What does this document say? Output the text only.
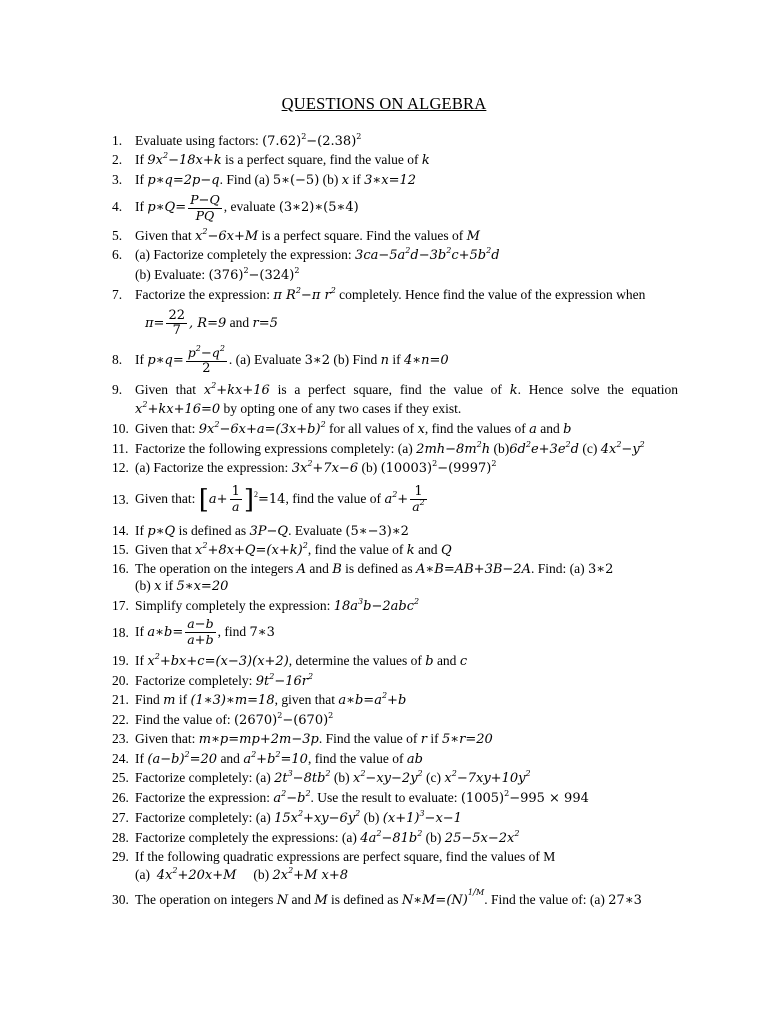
QUESTIONS ON ALGEBRA
1.
2.
3.
4.
5.
6.
7.
8.
9.
10.
11.
12.
13.
14.
15.
16.
17.
18.
19.
20.
21.
22.
23.
24.
25.
26.
27.
28.
29.
30.
Evaluate using factors: $(7.62)^2-(2.38)^2$
If $9x^2-18x+k$ is a perfect square, find the value of k
If p∗q=2p−q. Find (a) 5∗(−5) (b) x if 3∗x=12
If p∗Q= $\frac{P-Q}{PQ}$ , evaluate (3∗2)∗(5∗4)
Given that $x^2-6x+M$ is a perfect square. Find the values of M
(a) Factorize completely the expression: $3ca-5a^2d-3b^2c+5b^2d$
(b) Evaluate: $(376)^2-(324)^2$
Factorize the expression: π $R^2-\pi$ $r^2$ completely. Hence find the value of the expression when
$\pi= \frac{22}{7}$ , R=9 and r=5
If p∗q= $\frac{p^2-q^2}{2}$ . (a) Evaluate 3∗2 (b) Find n if 4∗n=0
Given that $x^2+kx+16$ is a perfect square, find the value of k. Hence solve the equation
$x^2+kx+16=0$ by opting one of any two cases if they exist.
Given that: $9x^2-6x+a=(3x+b)^2$ for all values of x, find the values of a and b
Factorize the following expressions completely: (a) $2mh-8m^2h$ $(b)6d^2e+3e^2d$ (c) $4x^2-y^2$
(a) Factorize the expression: $3x^2+7x-6$ (b) $(10003)^2-(9997)^2$
Given that: $[a+ \frac{1}{a} ]^2=14$, find the value of $a^2+ \frac{1}{a^2}$
If p∗Q is defined as 3P−Q. Evaluate (5∗−3)∗2
Given that $x^2+8x+Q=(x+k)^2$, find the value of k and Q
The operation on the integers A and B is defined as A∗B=AB+3B−2A. Find: (a) 3∗2
(b) x if 5∗x=20
Simplify completely the expression: $18a^3b-2abc^2$
If a∗b= $\frac{a-b}{a+b}$ , find 7∗3
If $x^2+bx+c=(x-3)(x+2)$, determine the values of b and c
Factorize completely: $9t^2-16r^2$
Find m if (1∗3)∗m=18, given that $a∗b=a^2+b$
Find the value of: $(2670)^2-(670)^2$
Given that: m∗p=mp+2m−3p. Find the value of r if 5∗r=20
If $(a-b)^2=20$ and $a^2+b^2=10$, find the value of ab
Factorize completely: (a) $2t^3-8tb^2$ (b) $x^2-xy-2y^2$ (c) $x^2-7xy+10y^2$
Factorize the expression: $a^2-b^2$. Use the result to evaluate: $(1005)^2-995 \times 994$
Factorize completely: (a) $15x^2+xy-6y^2$ (b) $(x+1)^3-x-1$
Factorize completely the expressions: (a) $4a^2-81b^2$ (b) $25-5x-2x^2$
If the following quadratic expressions are perfect square, find the values of M
(a) $4x^2+20x+M$ (b) $2x^2+M$ x+8
The operation on integers N and M is defined as $N∗M=(N)^{1/M}$. Find the value of: (a) 27∗3
